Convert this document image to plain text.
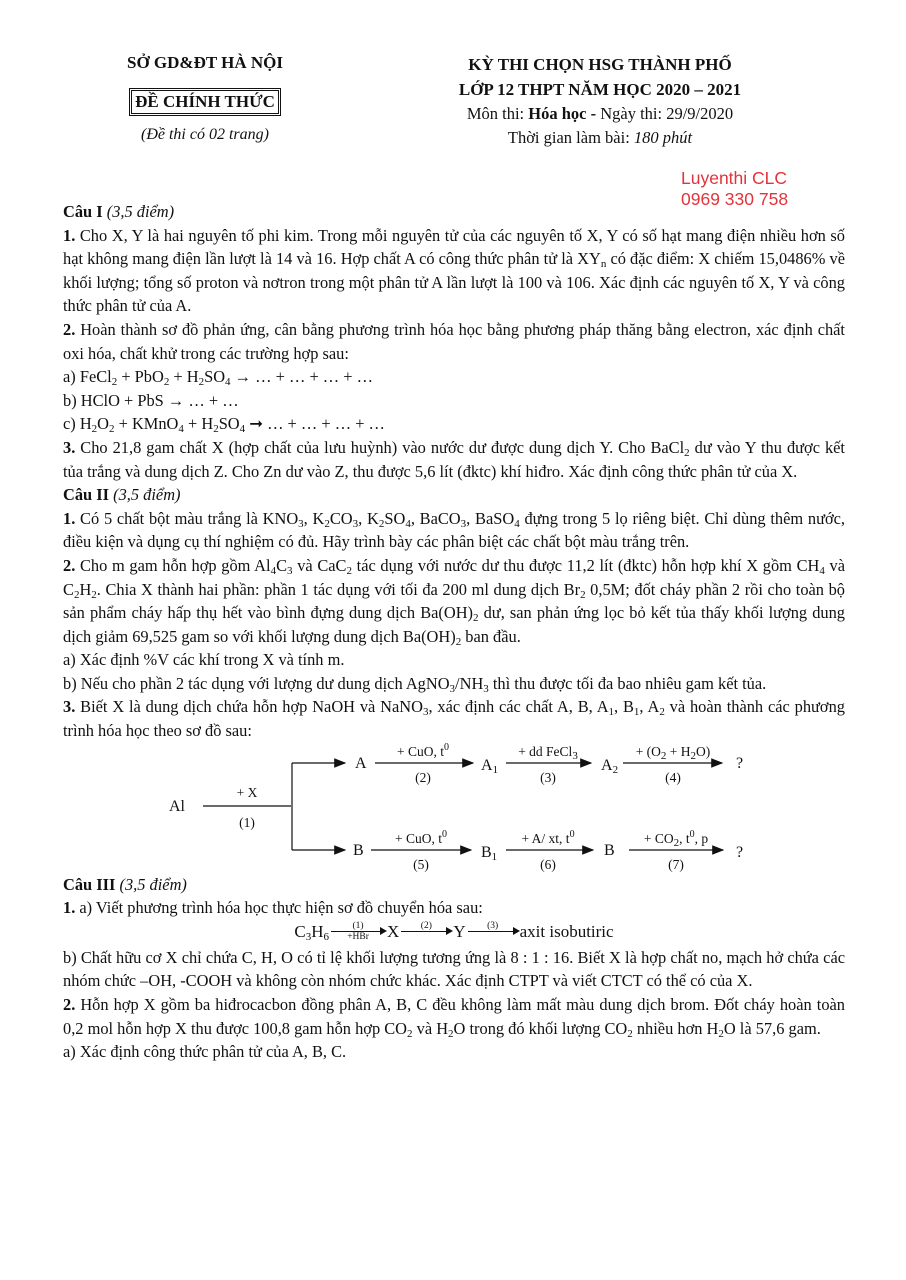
SỞ GD&ĐT HÀ NỘI
ĐỀ CHÍNH THỨC
(Đề thi có 02 trang)
KỲ THI CHỌN HSG THÀNH PHỐ
LỚP 12 THPT NĂM HỌC 2020 – 2021
Môn thi: Hóa học - Ngày thi: 29/9/2020
Thời gian làm bài: 180 phút
Luyenthi CLC
0969 330 758

Câu I (3,5 điểm)

1. Cho X, Y là hai nguyên tố phi kim. Trong mỗi nguyên tử của các nguyên tố X, Y có số hạt mang điện nhiều hơn số hạt không mang điện lần lượt là 14 và 16. Hợp chất A có công thức phân tử là $XY_n$ có đặc điểm: X chiếm 15,0486% về khối lượng; tổng số proton và nơtron trong một phân tử A lần lượt là 100 và 106. Xác định các nguyên tố X, Y và công thức phân tử của A.

2. Hoàn thành sơ đồ phản ứng, cân bằng phương trình hóa học bằng phương pháp thăng bằng electron, xác định chất oxi hóa, chất khử trong các trường hợp sau:

a) FeCl$_2$ + $PbO_2 + H_2SO_4$ → … + … + … + …

b) HClO + PbS → … + …

c) $H_2O_2$ + KMnO$_4$ + $H_2SO_4$ ➞ … + … + … + …

3. Cho 21,8 gam chất X (hợp chất của lưu huỳnh) vào nước dư được dung dịch Y. Cho BaCl$_2$ dư vào Y thu được kết tủa trắng và dung dịch Z. Cho Zn dư vào Z, thu được 5,6 lít (đktc) khí hiđro. Xác định công thức phân tử của X.

Câu II (3,5 điểm)

1. Có 5 chất bột màu trắng là $KNO_3$, $K_2CO_3$, $K_2SO_4$, BaCO$_3$, BaSO$_4$ đựng trong 5 lọ riêng biệt. Chỉ dùng thêm nước, điều kiện và dụng cụ thí nghiệm có đủ. Hãy trình bày các phân biệt các chất bột màu trắng trên.

2. Cho m gam hỗn hợp gồm $Al_4C_3$ và CaC$_2$ tác dụng với nước dư thu được 11,2 lít (đktc) hỗn hợp khí X gồm $CH_4$ và $C_2H_2$. Chia X thành hai phần: phần 1 tác dụng với tối đa 200 ml dung dịch $Br_2$ 0,5M; đốt cháy phần 2 rồi cho toàn bộ sản phẩm cháy hấp thụ hết vào bình đựng dung dịch $Ba(OH)_2$ dư, san phản ứng lọc bỏ kết tủa thấy khối lượng dung dịch giảm 69,525 gam so với khối lượng dung dịch $Ba(OH)_2$ ban đầu.

a) Xác định %V các khí trong X và tính m.

b) Nếu cho phần 2 tác dụng với lượng dư dung dịch $AgNO_3/NH_3$ thì thu được tối đa bao nhiêu gam kết tủa.

3. Biết X là dung dịch chứa hỗn hợp NaOH và NaNO$_3$, xác định các chất A, B, $A_1$, $B_1$, $A_2$ và hoàn thành các phương trình hóa học theo sơ đồ sau:

Al
+ X
(1)
A
+ CuO, $t^0$
(2)
$A_1$
+ dd FeCl$_3$
(3)
$A_2$
+ $(O_2 + H_2O)$
(4)
?
B
+ CuO, $t^0$
(5)
$B_1$
+ A/ xt, $t^0$
(6)
B
+ $CO_2$, $t^0$, p
(7)
?

Câu III (3,5 điểm)

1. a) Viết phương trình hóa học thực hiện sơ đồ chuyển hóa sau:

$C_3H_6$
(1)
+HBr X (2) Y (3) axit isobutiric

b) Chất hữu cơ X chỉ chứa C, H, O có tỉ lệ khối lượng tương ứng là 8 : 1 : 16. Biết X là hợp chất no, mạch hở chứa các nhóm chức –OH, -COOH và không còn nhóm chức khác. Xác định CTPT và viết CTCT có thể có của X.

2. Hỗn hợp X gồm ba hiđrocacbon đồng phân A, B, C đều không làm mất màu dung dịch brom. Đốt cháy hoàn toàn 0,2 mol hỗn hợp X thu được 100,8 gam hỗn hợp $CO_2$ và $H_2O$ trong đó khối lượng $CO_2$ nhiều hơn $H_2O$ là 57,6 gam.

a) Xác định công thức phân tử của A, B, C.
